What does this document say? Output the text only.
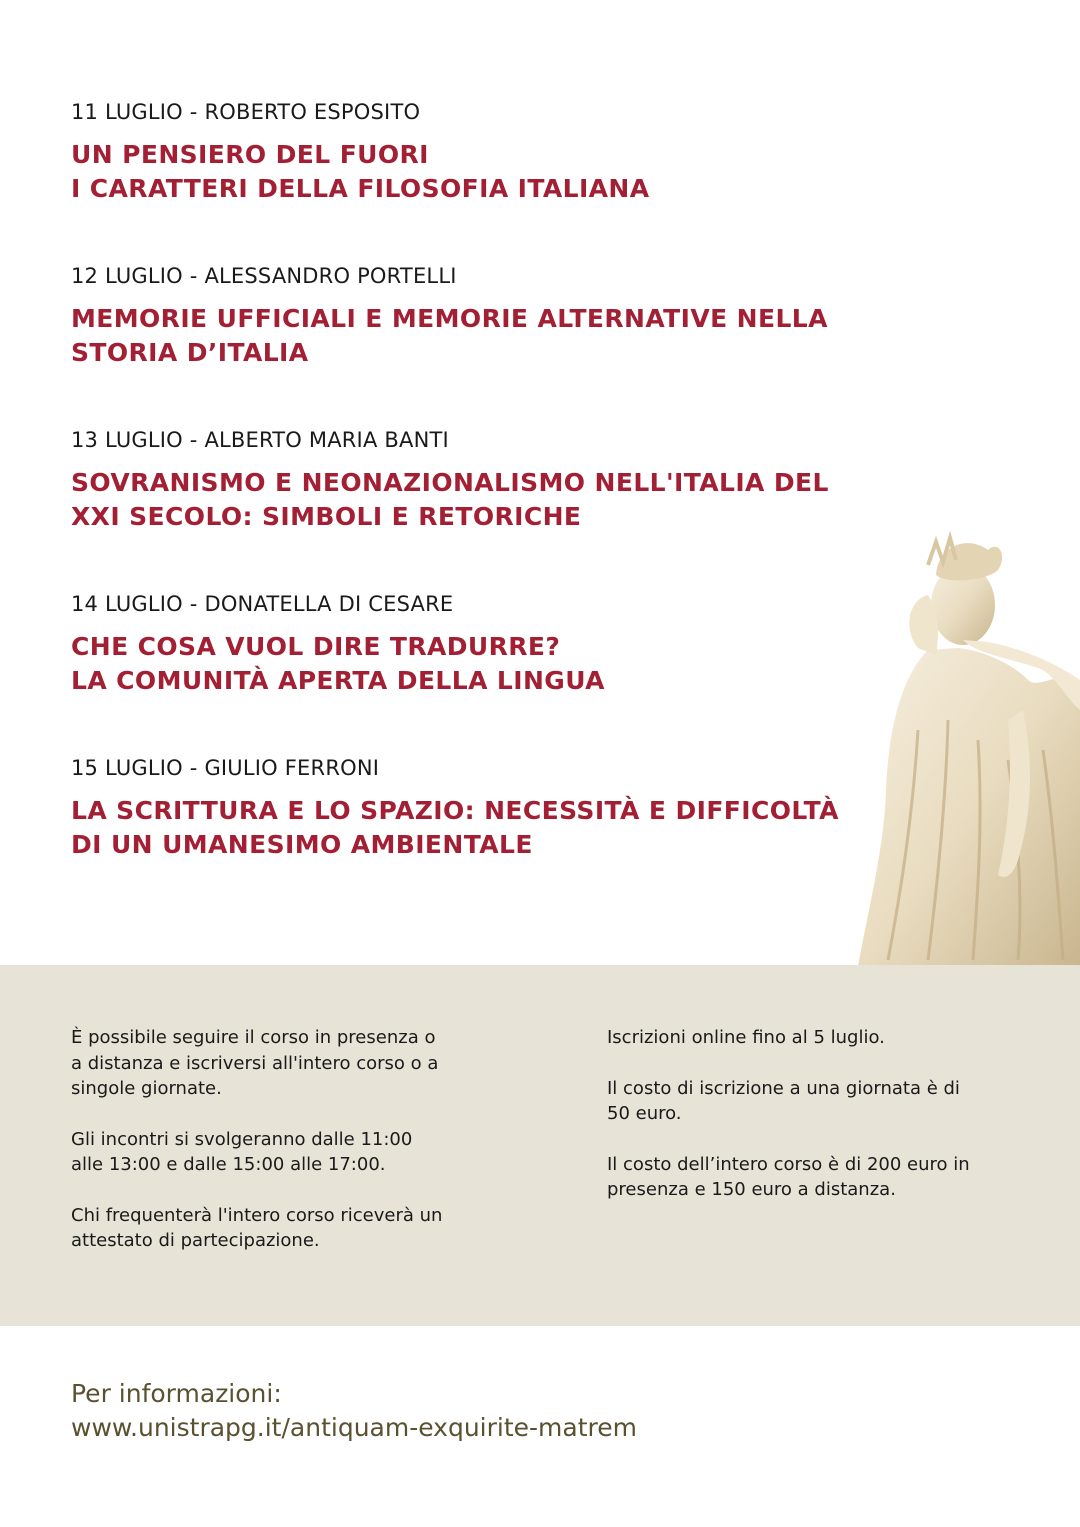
11 LUGLIO - ROBERTO ESPOSITO
UN PENSIERO DEL FUORI
I CARATTERI DELLA FILOSOFIA ITALIANA
12 LUGLIO - ALESSANDRO PORTELLI
MEMORIE UFFICIALI E MEMORIE ALTERNATIVE NELLA
STORIA D’ITALIA
13 LUGLIO - ALBERTO MARIA BANTI
SOVRANISMO E NEONAZIONALISMO NELL'ITALIA DEL
XXI SECOLO: SIMBOLI E RETORICHE
14 LUGLIO - DONATELLA DI CESARE
CHE COSA VUOL DIRE TRADURRE?
LA COMUNITÀ APERTA DELLA LINGUA
15 LUGLIO - GIULIO FERRONI
LA SCRITTURA E LO SPAZIO: NECESSITÀ E DIFFICOLTÀ
DI UN UMANESIMO AMBIENTALE

È possibile seguire il corso in presenza o
a distanza e iscriversi all'intero corso o a
singole giornate.

Gli incontri si svolgeranno dalle 11:00
alle 13:00 e dalle 15:00 alle 17:00.

Chi frequenterà l'intero corso riceverà un
attestato di partecipazione.

Iscrizioni online fino al 5 luglio.

Il costo di iscrizione a una giornata è di
50 euro.

Il costo dell’intero corso è di 200 euro in
presenza e 150 euro a distanza.

Per informazioni:
www.unistrapg.it/antiquam-exquirite-matrem
